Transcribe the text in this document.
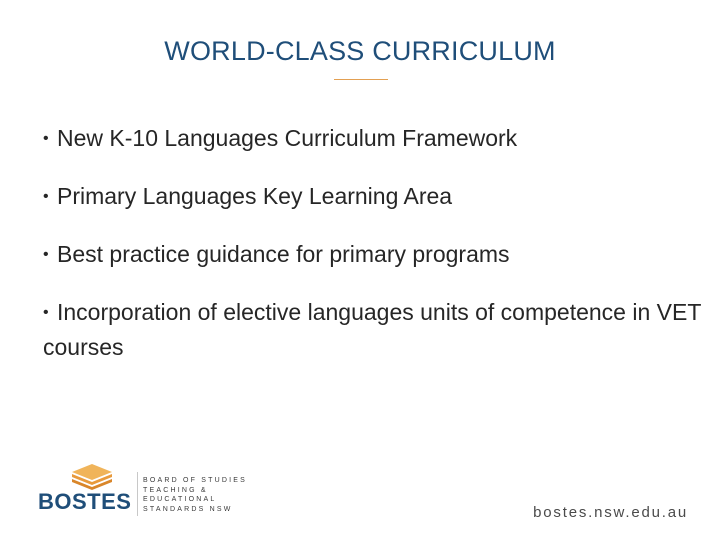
WORLD-CLASS CURRICULUM
• New K-10 Languages Curriculum Framework
• Primary Languages Key Learning Area
• Best practice guidance for primary programs
• Incorporation of elective languages units of competence in VET courses
BOSTES
BOARD OF STUDIES
TEACHING &
EDUCATIONAL
STANDARDS NSW	bostes.nsw.edu.au
